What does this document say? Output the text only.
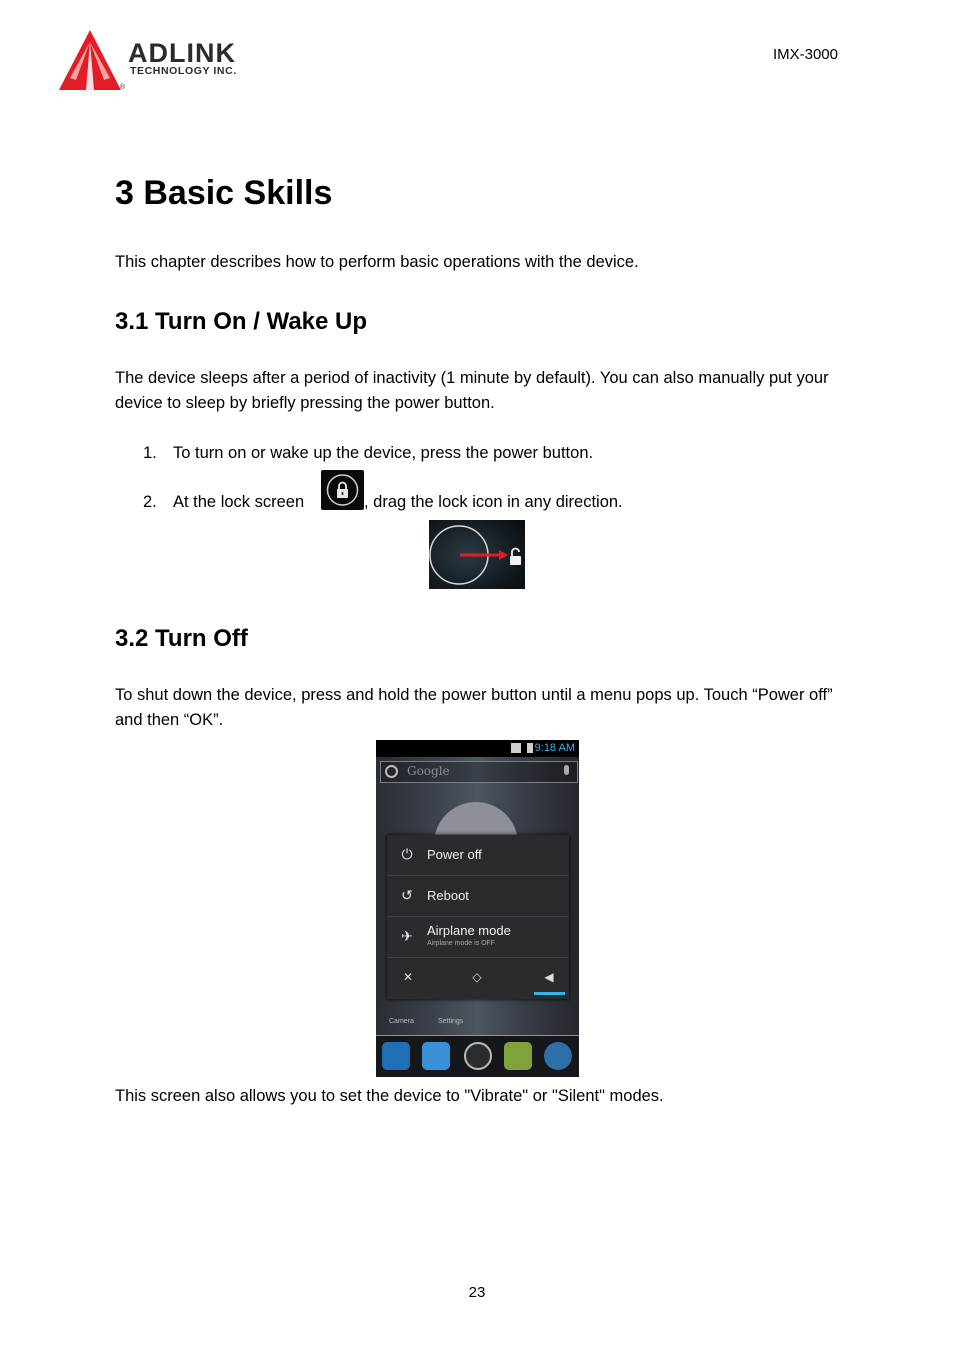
ADLINK
TECHNOLOGY INC.
®
IMX-3000
3 Basic Skills

This chapter describes how to perform basic operations with the device.

3.1 Turn On / Wake Up

The device sleeps after a period of inactivity (1 minute by default). You can also manually put your device to sleep by briefly pressing the power button.

1. To turn on or wake up the device, press the power button.
2. At the lock screen	, drag the lock icon in any direction.
3.2 Turn Off

To shut down the device, press and hold the power button until a menu pops up. Touch “Power off” and then “OK”.

9:18 AM
Google
⏻ Power off
↺ Reboot
✈ Airplane mode
Airplane mode is OFF
✕	◇	◀
Camera	Settings

This screen also allows you to set the device to "Vibrate" or "Silent" modes.

23
